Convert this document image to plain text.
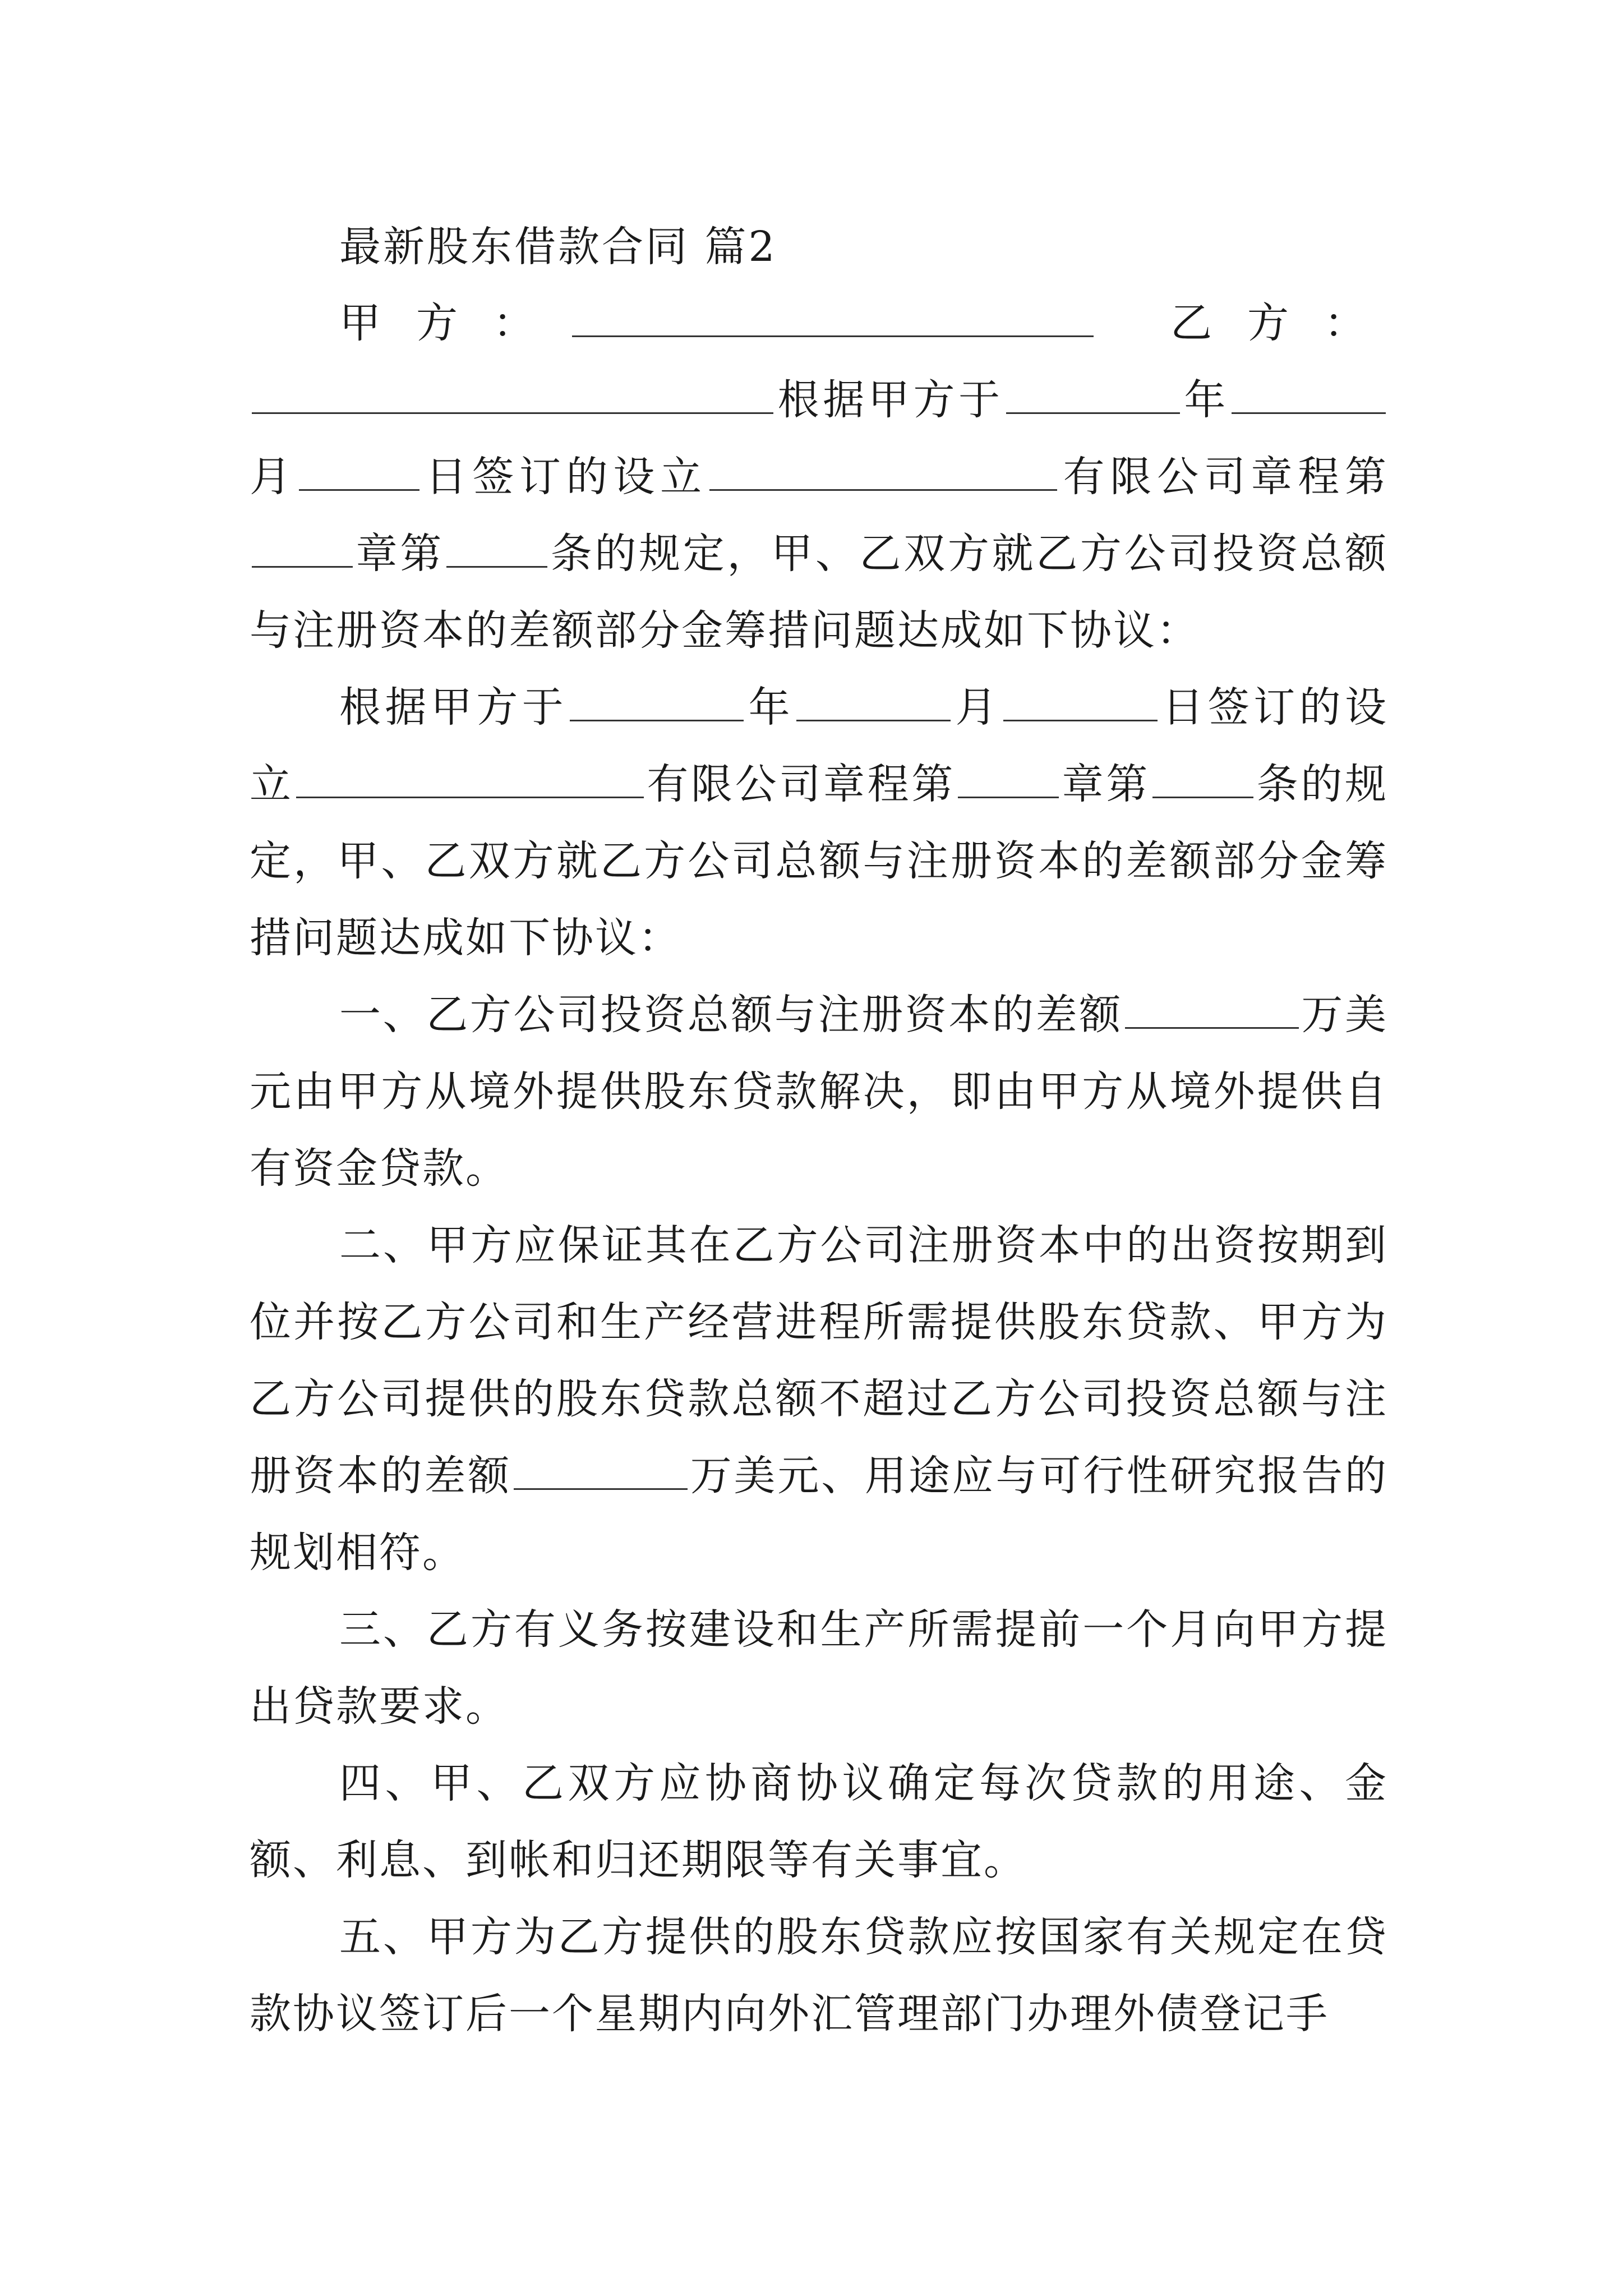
最新股东借款合同 篇2

甲方：	乙方：根据甲方于	年月	日签订的设立	有限公司章程第章第	条的规定，甲、乙双方就乙方公司投资总额与注册资本的差额部分金筹措问题达成如下协议：

根据甲方于	年	月	日签订的设立	有限公司章程第	章第	条的规定，甲、乙双方就乙方公司总额与注册资本的差额部分金筹措问题达成如下协议：

一、乙方公司投资总额与注册资本的差额	万美元由甲方从境外提供股东贷款解决，即由甲方从境外提供自有资金贷款。

二、甲方应保证其在乙方公司注册资本中的出资按期到位并按乙方公司和生产经营进程所需提供股东贷款、甲方为乙方公司提供的股东贷款总额不超过乙方公司投资总额与注册资本的差额	万美元、用途应与可行性研究报告的规划相符。

三、乙方有义务按建设和生产所需提前一个月向甲方提出贷款要求。

四、甲、乙双方应协商协议确定每次贷款的用途、金额、利息、到帐和归还期限等有关事宜。

五、甲方为乙方提供的股东贷款应按国家有关规定在贷款协议签订后一个星期内向外汇管理部门办理外债登记手
